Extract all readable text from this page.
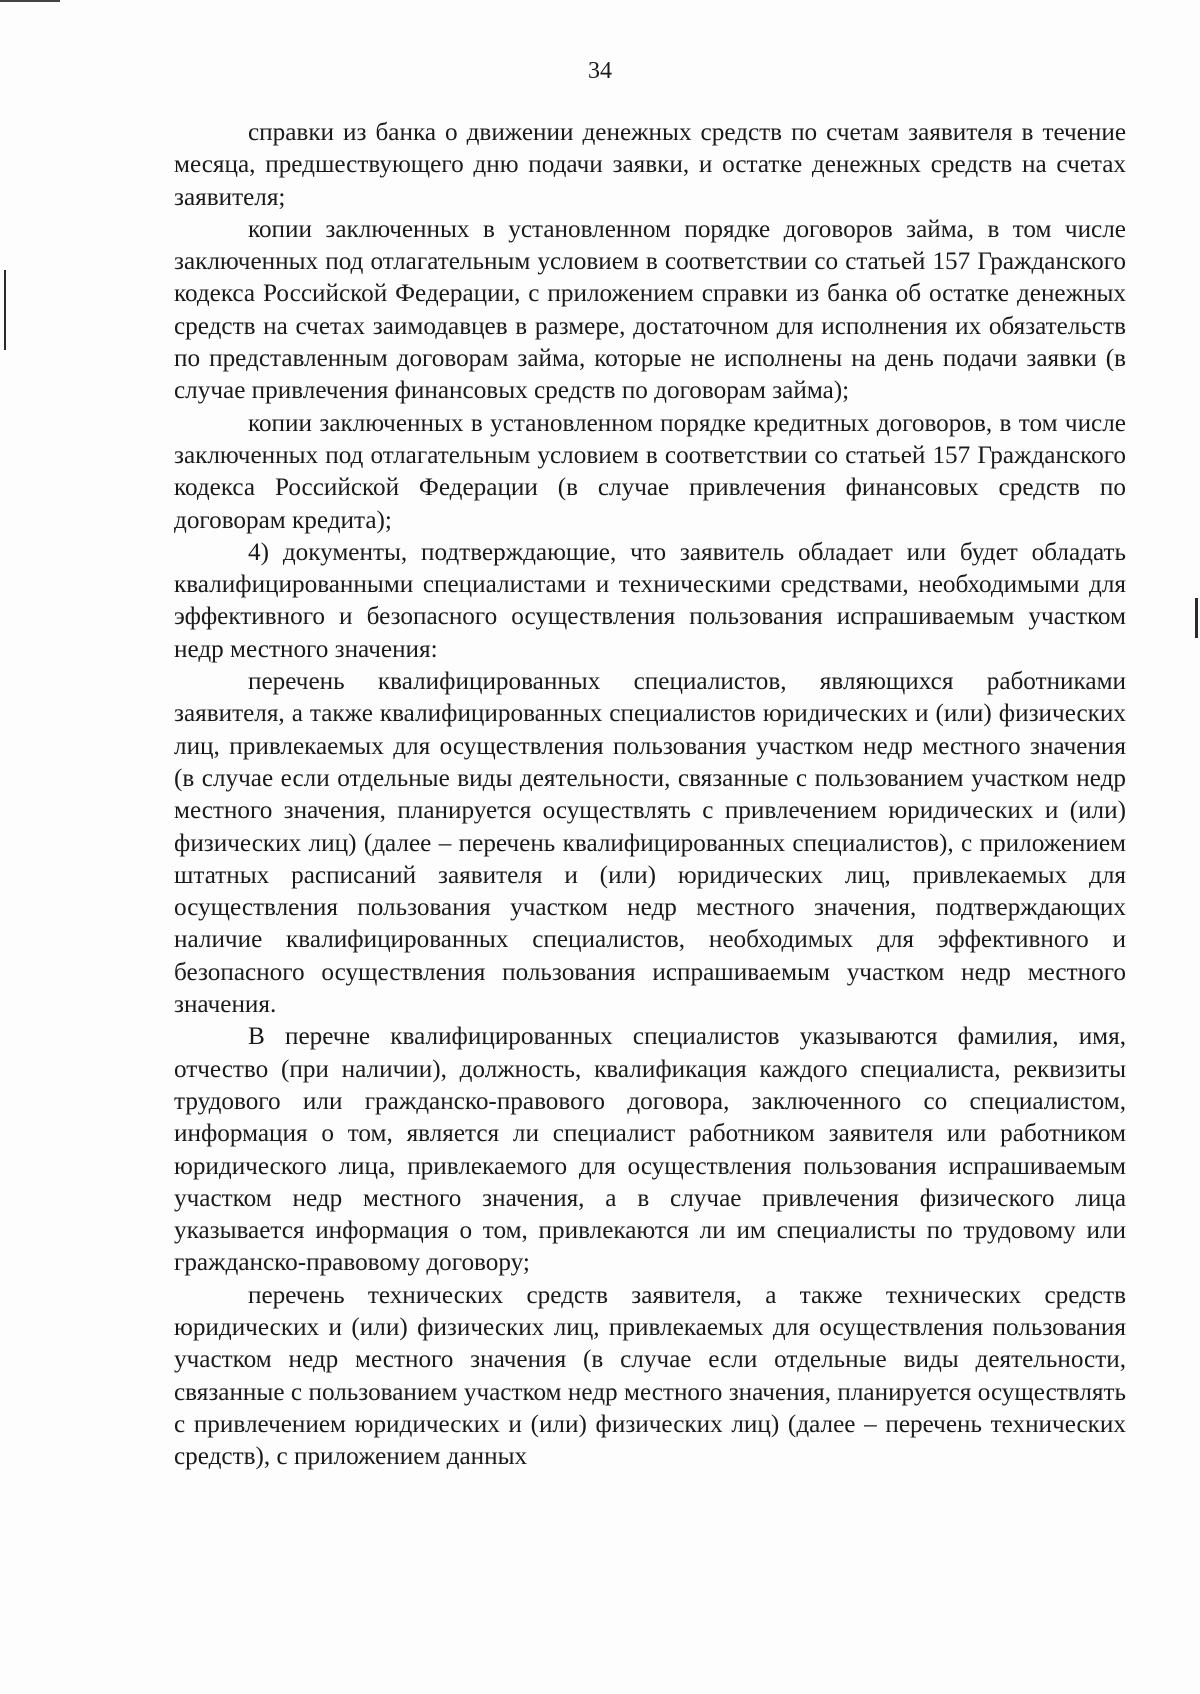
34

справки из банка о движении денежных средств по счетам заявителя в течение месяца, предшествующего дню подачи заявки, и остатке денежных средств на счетах заявителя;

копии заключенных в установленном порядке договоров займа, в том числе заключенных под отлагательным условием в соответствии со статьей 157 Гражданского кодекса Российской Федерации, с приложением справки из банка об остатке денежных средств на счетах заимодавцев в размере, достаточном для исполнения их обязательств по представленным договорам займа, которые не исполнены на день подачи заявки (в случае привлечения финансовых средств по договорам займа);

копии заключенных в установленном порядке кредитных договоров, в том числе заключенных под отлагательным условием в соответствии со статьей 157 Гражданского кодекса Российской Федерации (в случае привлечения финансовых средств по договорам кредита);

4) документы, подтверждающие, что заявитель обладает или будет обладать квалифицированными специалистами и техническими средствами, необходимыми для эффективного и безопасного осуществления пользования испрашиваемым участком недр местного значения:

перечень квалифицированных специалистов, являющихся работниками заявителя, а также квалифицированных специалистов юридических и (или) физических лиц, привлекаемых для осуществления пользования участком недр местного значения (в случае если отдельные виды деятельности, связанные с пользованием участком недр местного значения, планируется осуществлять с привлечением юридических и (или) физических лиц) (далее – перечень квалифицированных специалистов), с приложением штатных расписаний заявителя и (или) юридических лиц, привлекаемых для осуществления пользования участком недр местного значения, подтверждающих наличие квалифицированных специалистов, необходимых для эффективного и безопасного осуществления пользования испрашиваемым участком недр местного значения.

В перечне квалифицированных специалистов указываются фамилия, имя, отчество (при наличии), должность, квалификация каждого специалиста, реквизиты трудового или гражданско-правового договора, заключенного со специалистом, информация о том, является ли специалист работником заявителя или работником юридического лица, привлекаемого для осуществления пользования испрашиваемым участком недр местного значения, а в случае привлечения физического лица указывается информация о том, привлекаются ли им специалисты по трудовому или гражданско-правовому договору;

перечень технических средств заявителя, а также технических средств юридических и (или) физических лиц, привлекаемых для осуществления пользования участком недр местного значения (в случае если отдельные виды деятельности, связанные с пользованием участком недр местного значения, планируется осуществлять с привлечением юридических и (или) физических лиц) (далее – перечень технических средств), с приложением данных
